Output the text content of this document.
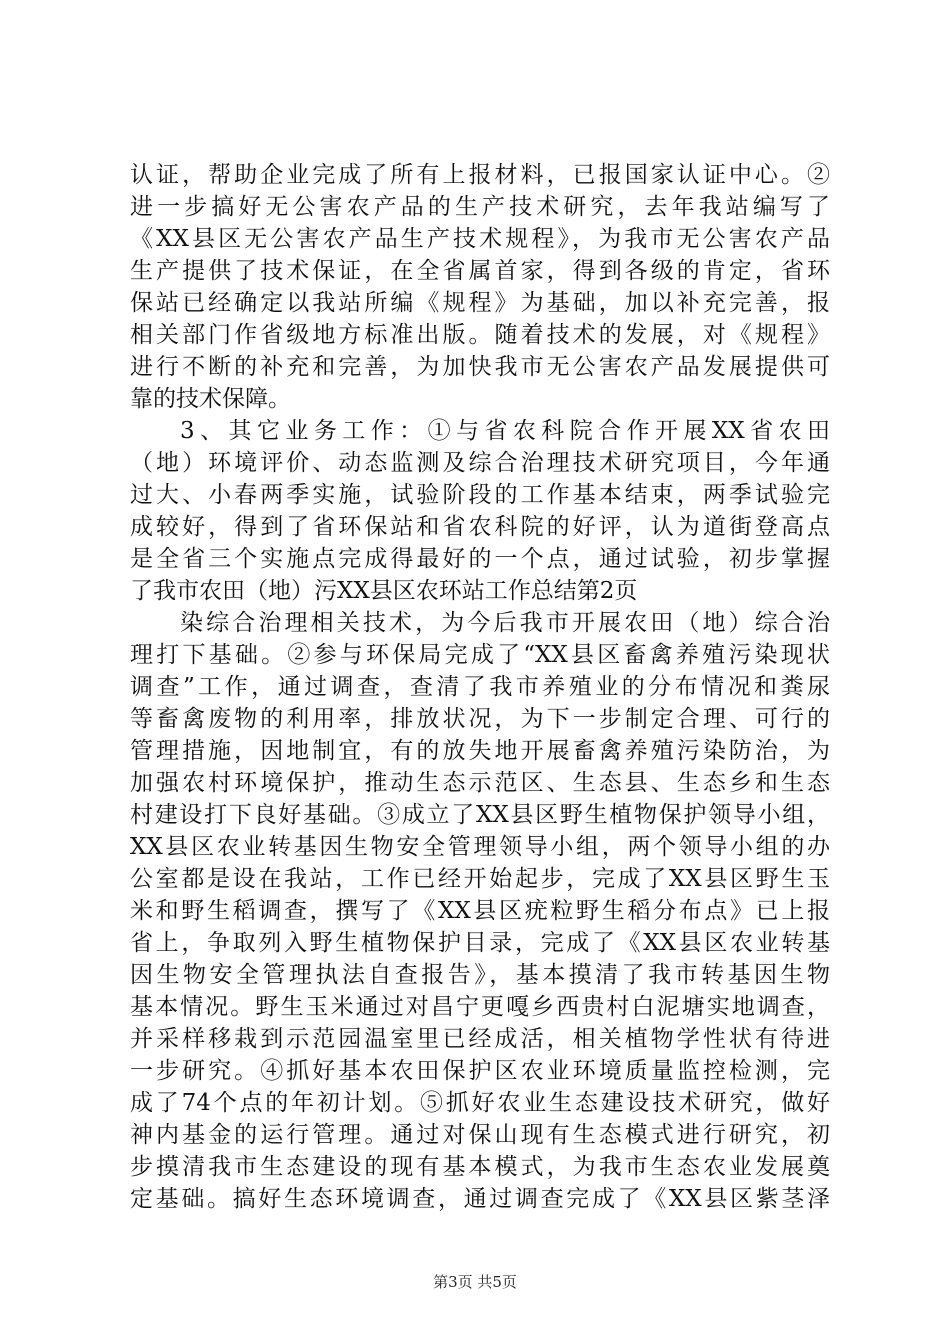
认证，帮助企业完成了所有上报材料，已报国家认证中心。②
进一步搞好无公害农产品的生产技术研究，去年我站编写了
《XX县区无公害农产品生产技术规程》，为我市无公害农产品
生产提供了技术保证，在全省属首家，得到各级的肯定，省环
保站已经确定以我站所编《规程》为基础，加以补充完善，报
相关部门作省级地方标准出版。随着技术的发展，对《规程》
进行不断的补充和完善，为加快我市无公害农产品发展提供可
靠的技术保障。
3、其它业务工作：①与省农科院合作开展XX省农田
（地）环境评价、动态监测及综合治理技术研究项目，今年通
过大、小春两季实施，试验阶段的工作基本结束，两季试验完
成较好，得到了省环保站和省农科院的好评，认为道街登高点
是全省三个实施点完成得最好的一个点，通过试验，初步掌握
了我市农田（地）污XX县区农环站工作总结第2页
染综合治理相关技术，为今后我市开展农田（地）综合治
理打下基础。②参与环保局完成了“XX县区畜禽养殖污染现状
调查”工作，通过调查，查清了我市养殖业的分布情况和粪尿
等畜禽废物的利用率，排放状况，为下一步制定合理、可行的
管理措施，因地制宜，有的放失地开展畜禽养殖污染防治，为
加强农村环境保护，推动生态示范区、生态县、生态乡和生态
村建设打下良好基础。③成立了XX县区野生植物保护领导小组，
XX县区农业转基因生物安全管理领导小组，两个领导小组的办
公室都是设在我站，工作已经开始起步，完成了XX县区野生玉
米和野生稻调查，撰写了《XX县区疣粒野生稻分布点》已上报
省上，争取列入野生植物保护目录，完成了《XX县区农业转基
因生物安全管理执法自查报告》，基本摸清了我市转基因生物
基本情况。野生玉米通过对昌宁更嘎乡西贵村白泥塘实地调查，
并采样移栽到示范园温室里已经成活，相关植物学性状有待进
一步研究。④抓好基本农田保护区农业环境质量监控检测，完
成了74个点的年初计划。⑤抓好农业生态建设技术研究，做好
神内基金的运行管理。通过对保山现有生态模式进行研究，初
步摸清我市生态建设的现有基本模式，为我市生态农业发展奠
定基础。搞好生态环境调查，通过调查完成了《XX县区紫茎泽
第3页 共5页
